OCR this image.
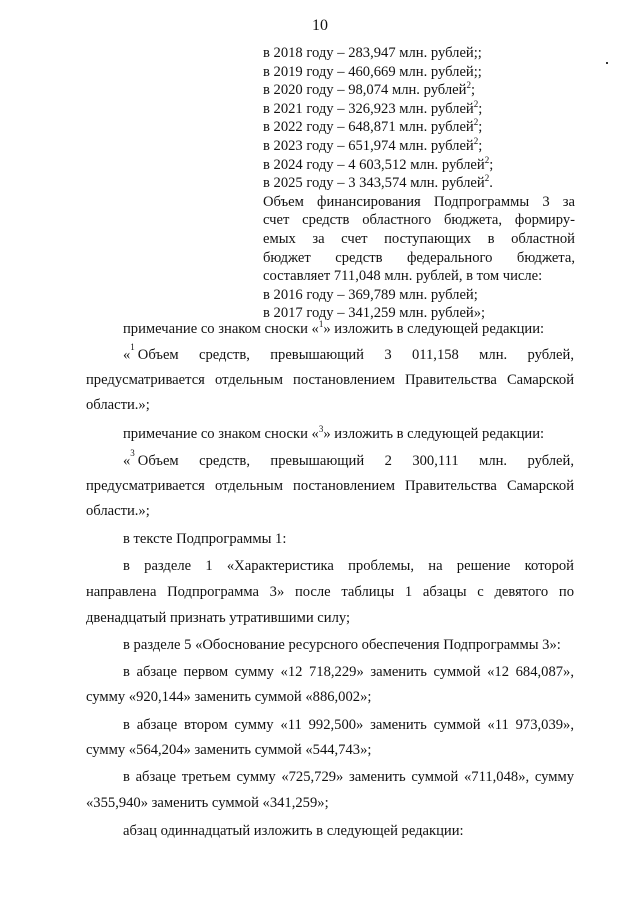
10
в 2018 году – 283,947 млн. рублей;;
в 2019 году – 460,669 млн. рублей;;
в 2020 году – 98,074 млн. рублей$^2$;
в 2021 году – 326,923 млн. рублей$^2$;
в 2022 году – 648,871 млн. рублей$^2$;
в 2023 году – 651,974 млн. рублей$^2$;
в 2024 году – 4 603,512 млн. рублей$^2$;
в 2025 году – 3 343,574 млн. рублей$^2$.
Объем финансирования Подпрограммы 3 за
счет средств областного бюджета, формиру-
емых за счет поступающих в областной
бюджет средств федерального бюджета,
составляет 711,048 млн. рублей, в том числе:
в 2016 году – 369,789 млн. рублей;
в 2017 году – 341,259 млн. рублей»;
примечание со знаком сноски «$^1$» изложить в следующей редакции:
« 1 Объем средств, превышающий 3 011,158 млн. рублей,
предусматривается отдельным постановлением Правительства Самарской
области.»;
примечание со знаком сноски «$^3$» изложить в следующей редакции:
« 3 Объем средств, превышающий 2 300,111 млн. рублей,
предусматривается отдельным постановлением Правительства Самарской
области.»;
в тексте Подпрограммы 1:
в разделе 1 «Характеристика проблемы, на решение которой
направлена Подпрограмма 3» после таблицы 1 абзацы с девятого по
двенадцатый признать утратившими силу;
в разделе 5 «Обоснование ресурсного обеспечения Подпрограммы 3»:
в абзаце первом сумму «12 718,229» заменить суммой «12 684,087»,
сумму «920,144» заменить суммой «886,002»;
в абзаце втором сумму «11 992,500» заменить суммой «11 973,039»,
сумму «564,204» заменить суммой «544,743»;
в абзаце третьем сумму «725,729» заменить суммой «711,048», сумму
«355,940» заменить суммой «341,259»;
абзац одиннадцатый изложить в следующей редакции:
